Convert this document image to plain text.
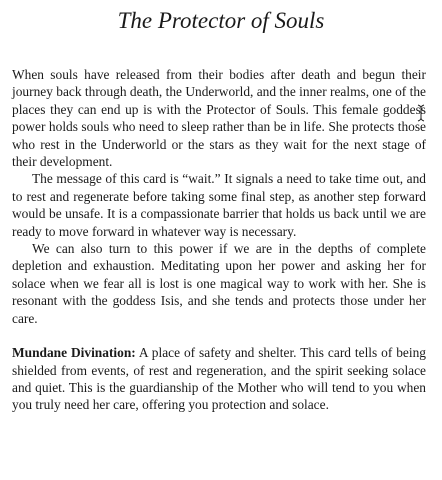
The Protector of Souls

When souls have released from their bodies after death and begun their journey back through death, the Underworld, and the inner realms, one of the places they can end up is with the Protector of Souls. This female goddess power holds souls who need to sleep rather than be in life. She protects those who rest in the Underworld or the stars as they wait for the next stage of their development.

The message of this card is “wait.” It signals a need to take time out, and to rest and regenerate before taking some final step, as another step forward would be unsafe. It is a compassionate barrier that holds us back until we are ready to move forward in whatever way is necessary.

We can also turn to this power if we are in the depths of complete depletion and exhaustion. Meditating upon her power and asking her for solace when we fear all is lost is one magical way to work with her. She is resonant with the goddess Isis, and she tends and protects those under her care.

Mundane Divination: A place of safety and shelter. This card tells of being shielded from events, of rest and regeneration, and the spirit seeking solace and quiet. This is the guardianship of the Mother who will tend to you when you truly need her care, offering you protection and solace.
